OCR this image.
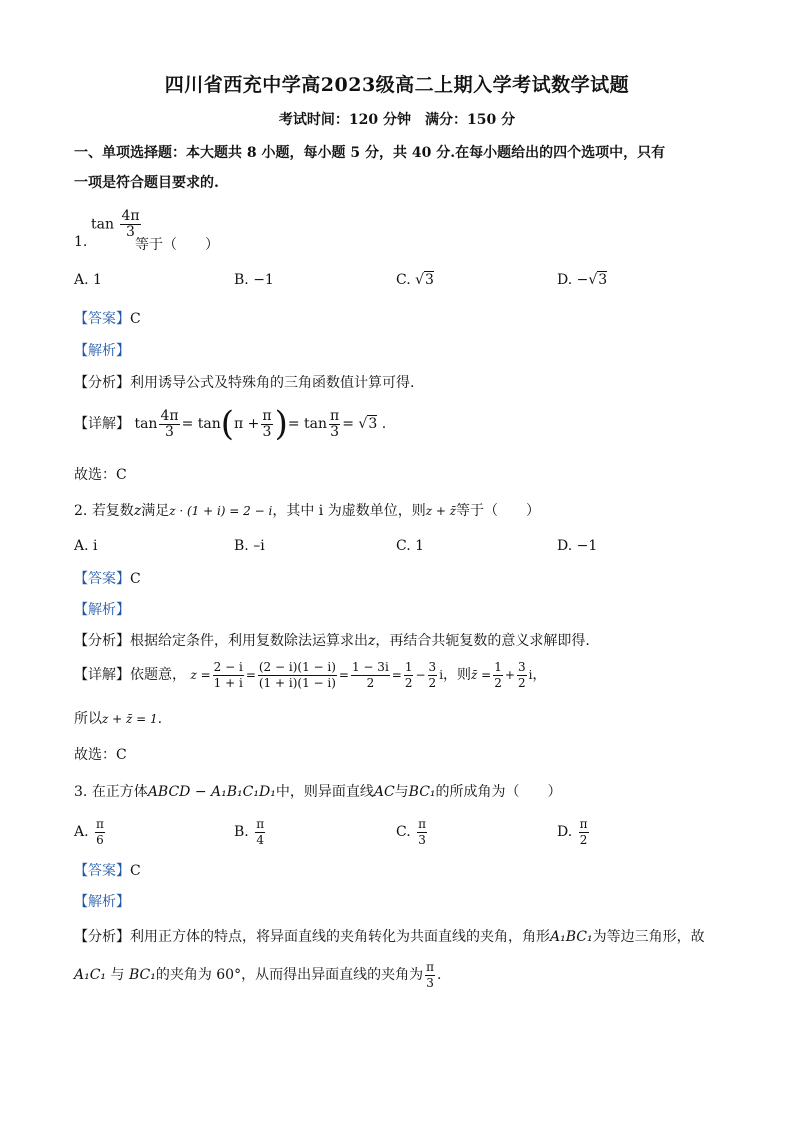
四川省西充中学高2023级高二上期入学考试数学试题
考试时间：120 分钟　满分：150 分
一、单项选择题：本大题共 8 小题，每小题 5 分，共 40 分.在每小题给出的四个选项中，只有
一项是符合题目要求的.
$\tan \frac{4\pi}{3}$
1.	等于（　　）
A. 1	B. −1	C. √3	D. −√3
【答案】C
【解析】
【分析】利用诱导公式及特殊角的三角函数值计算可得.
【详解】 $\tan \frac{4\pi}{3} = \tan(\pi + \frac{\pi}{3}$ )= $\tan \frac{\pi}{3} = √3$ .
故选：C
2. 若复数z满足z · (1 + i) = 2 − i，其中 i 为虚数单位，则z + z̄等于（　　）
A. i	B. –i	C. 1	D. −1
【答案】C
【解析】
【分析】根据给定条件，利用复数除法运算求出z，再结合共轭复数的意义求解即得.
【详解】依题意， $z = \frac{2 - i}{1 + i} = \frac{(2 - i)(1 - i)}{(1 + i)(1 - i)} = \frac{1 - 3i}{2} = \frac{1}{2} - \frac{3}{2}$ i，则z̄ = $\frac{1}{2} + \frac{3}{2}$ i，
所以z + z̄ = 1.
故选：C
3. 在正方体ABCD − A₁B₁C₁D₁中，则异面直线AC与BC₁的所成角为（　　）
A. $\frac{\pi}{6}$	B. $\frac{\pi}{4}$	C. $\frac{\pi}{3}$	D. $\frac{\pi}{2}$
【答案】C
【解析】
【分析】利用正方体的特点，将异面直线的夹角转化为共面直线的夹角，角形A₁BC₁为等边三角形，故
A₁C₁ 与 BC₁的夹角为 60°，从而得出异面直线的夹角为 $\frac{\pi}{3}$ .
